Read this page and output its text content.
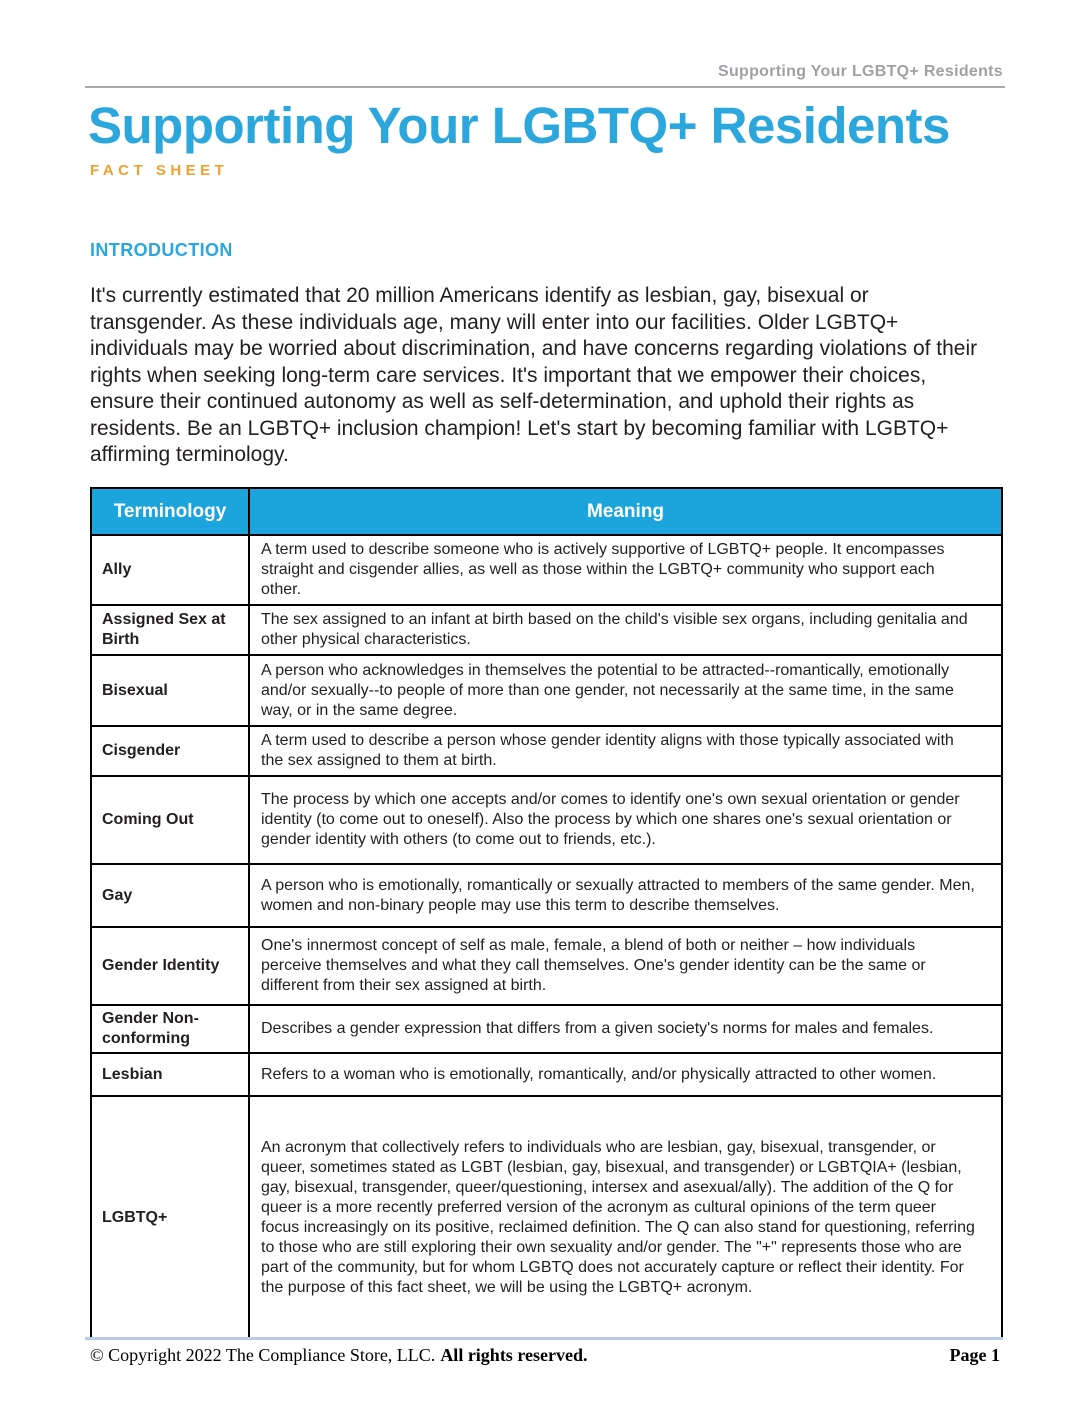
Supporting Your LGBTQ+ Residents
Supporting Your LGBTQ+ Residents
FACT SHEET
INTRODUCTION

It's currently estimated that 20 million Americans identify as lesbian, gay, bisexual or transgender. As these individuals age, many will enter into our facilities. Older LGBTQ+ individuals may be worried about discrimination, and have concerns regarding violations of their rights when seeking long-term care services. It's important that we empower their choices, ensure their continued autonomy as well as self-determination, and uphold their rights as residents. Be an LGBTQ+ inclusion champion! Let's start by becoming familiar with LGBTQ+ affirming terminology.

Terminology	Meaning
Ally	A term used to describe someone who is actively supportive of LGBTQ+ people. It encompasses straight and cisgender allies, as well as those within the LGBTQ+ community who support each other.
Assigned Sex at Birth	The sex assigned to an infant at birth based on the child's visible sex organs, including genitalia and other physical characteristics.
Bisexual	A person who acknowledges in themselves the potential to be attracted--romantically, emotionally and/or sexually--to people of more than one gender, not necessarily at the same time, in the same way, or in the same degree.
Cisgender	A term used to describe a person whose gender identity aligns with those typically associated with the sex assigned to them at birth.
Coming Out	The process by which one accepts and/or comes to identify one's own sexual orientation or gender identity (to come out to oneself). Also the process by which one shares one's sexual orientation or gender identity with others (to come out to friends, etc.).
Gay	A person who is emotionally, romantically or sexually attracted to members of the same gender. Men, women and non-binary people may use this term to describe themselves.
Gender Identity	One's innermost concept of self as male, female, a blend of both or neither – how individuals perceive themselves and what they call themselves. One's gender identity can be the same or different from their sex assigned at birth.
Gender Non-conforming	Describes a gender expression that differs from a given society's norms for males and females.
Lesbian	Refers to a woman who is emotionally, romantically, and/or physically attracted to other women.
LGBTQ+	An acronym that collectively refers to individuals who are lesbian, gay, bisexual, transgender, or queer, sometimes stated as LGBT (lesbian, gay, bisexual, and transgender) or LGBTQIA+ (lesbian, gay, bisexual, transgender, queer/questioning, intersex and asexual/ally). The addition of the Q for queer is a more recently preferred version of the acronym as cultural opinions of the term queer focus increasingly on its positive, reclaimed definition. The Q can also stand for questioning, referring to those who are still exploring their own sexuality and/or gender. The "+" represents those who are part of the community, but for whom LGBTQ does not accurately capture or reflect their identity. For the purpose of this fact sheet, we will be using the LGBTQ+ acronym.
© Copyright 2022 The Compliance Store, LLC. All rights reserved.	Page 1
